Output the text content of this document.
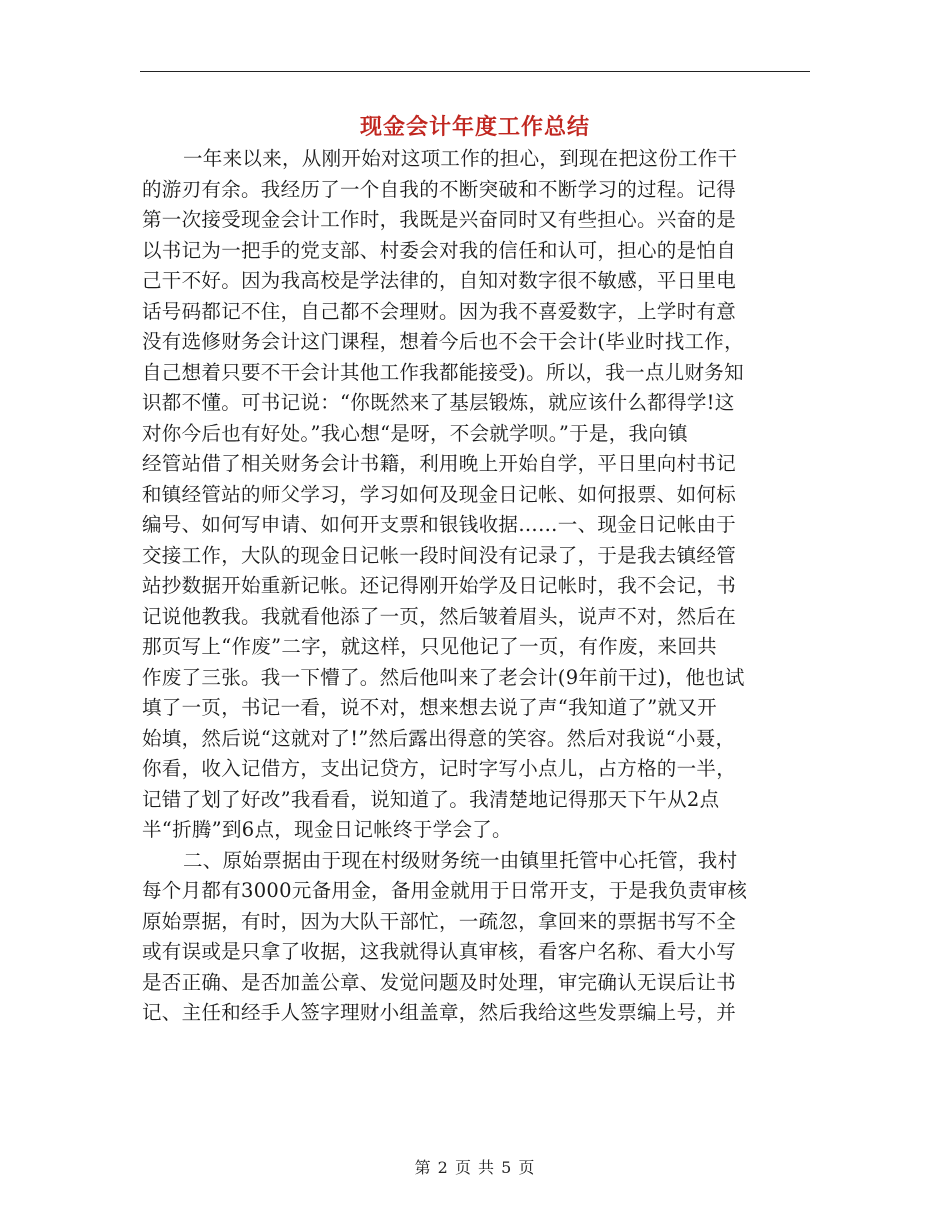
现金会计年度工作总结
一年来以来，从刚开始对这项工作的担心，到现在把这份工作干
的游刃有余。我经历了一个自我的不断突破和不断学习的过程。记得
第一次接受现金会计工作时，我既是兴奋同时又有些担心。兴奋的是
以书记为一把手的党支部、村委会对我的信任和认可，担心的是怕自
己干不好。因为我高校是学法律的，自知对数字很不敏感，平日里电
话号码都记不住，自己都不会理财。因为我不喜爱数字，上学时有意
没有选修财务会计这门课程，想着今后也不会干会计(毕业时找工作，
自己想着只要不干会计其他工作我都能接受)。所以，我一点儿财务知
识都不懂。可书记说：“你既然来了基层锻炼，就应该什么都得学!这
对你今后也有好处。”我心想“是呀，不会就学呗。”于是，我向镇
经管站借了相关财务会计书籍，利用晚上开始自学，平日里向村书记
和镇经管站的师父学习，学习如何及现金日记帐、如何报票、如何标
编号、如何写申请、如何开支票和银钱收据……一、现金日记帐由于
交接工作，大队的现金日记帐一段时间没有记录了，于是我去镇经管
站抄数据开始重新记帐。还记得刚开始学及日记帐时，我不会记，书
记说他教我。我就看他添了一页，然后皱着眉头，说声不对，然后在
那页写上“作废”二字，就这样，只见他记了一页，有作废，来回共
作废了三张。我一下懵了。然后他叫来了老会计(9年前干过)，他也试
填了一页，书记一看，说不对，想来想去说了声“我知道了”就又开
始填，然后说“这就对了!”然后露出得意的笑容。然后对我说“小聂，
你看，收入记借方，支出记贷方，记时字写小点儿，占方格的一半，
记错了划了好改”我看看，说知道了。我清楚地记得那天下午从2点
半“折腾”到6点，现金日记帐终于学会了。
二、原始票据由于现在村级财务统一由镇里托管中心托管，我村
每个月都有3000元备用金，备用金就用于日常开支，于是我负责审核
原始票据，有时，因为大队干部忙，一疏忽，拿回来的票据书写不全
或有误或是只拿了收据，这我就得认真审核，看客户名称、看大小写
是否正确、是否加盖公章、发觉问题及时处理，审完确认无误后让书
记、主任和经手人签字理财小组盖章，然后我给这些发票编上号，并
第 2 页 共 5 页
